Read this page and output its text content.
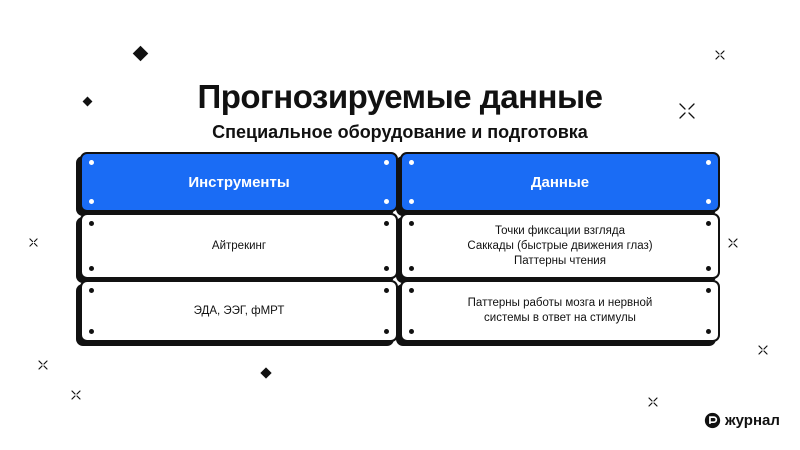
Прогнозируемые данные
Специальное оборудование и подготовка
Инструменты	Данные
Айтрекинг
Точки фиксации взгляда
Саккады (быстрые движения глаз)
Паттерны чтения
ЭДА, ЭЭГ, фМРТ
Паттерны работы мозга и нервной
системы в ответ на стимулы
журнал
